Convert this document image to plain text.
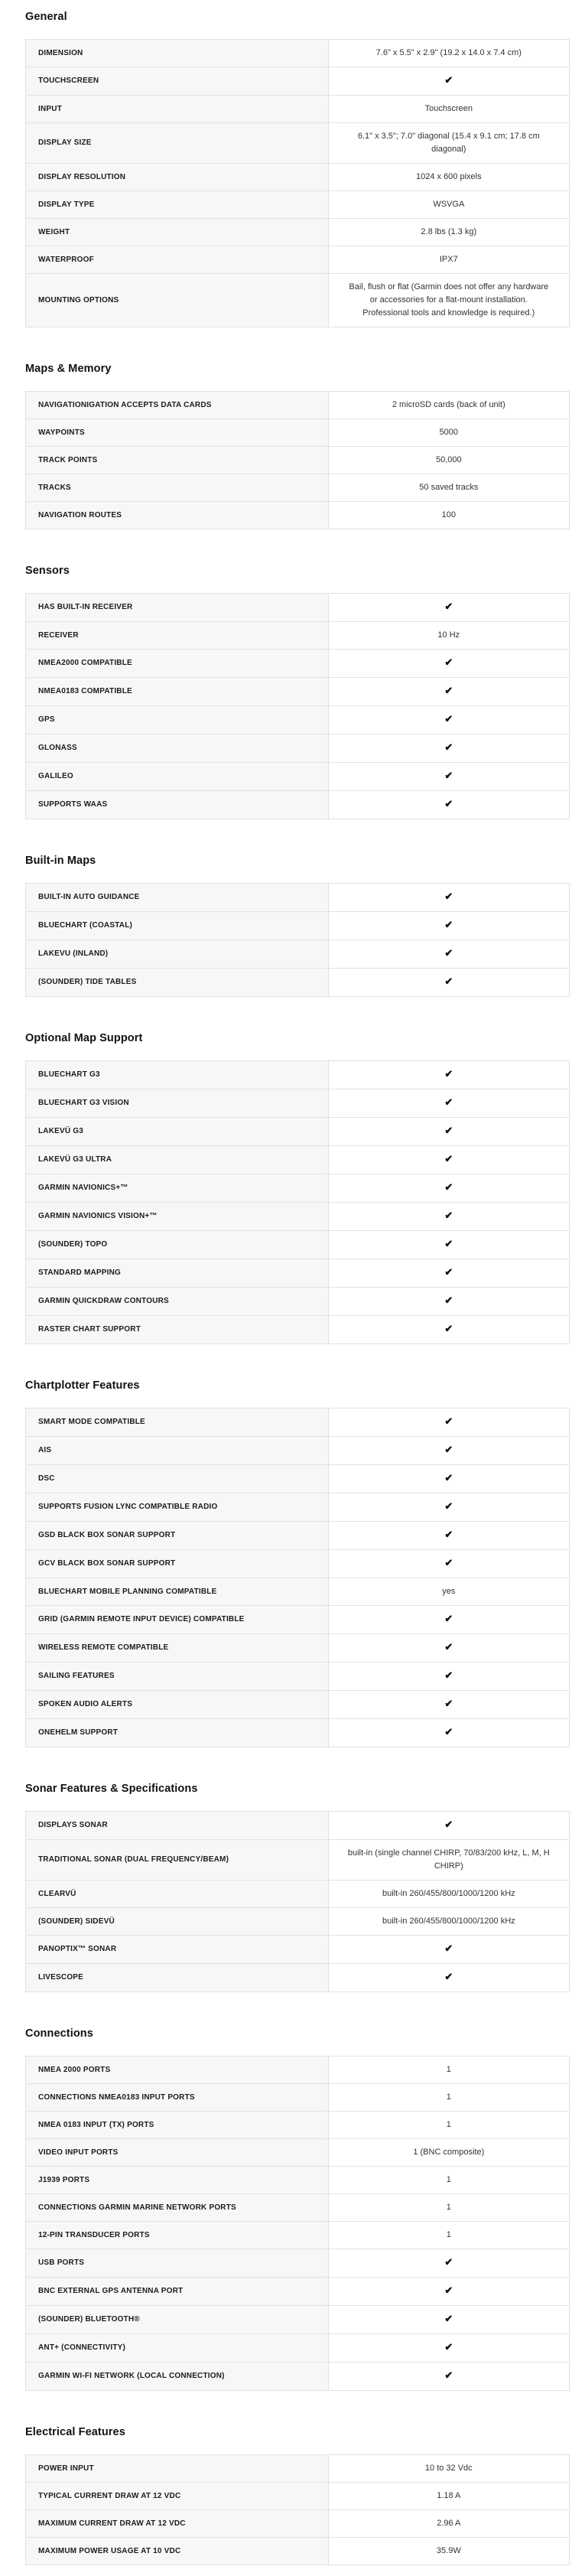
General
DIMENSION	7.6" x 5.5" x 2.9" (19.2 x 14.0 x 7.4 cm)
TOUCHSCREEN	✔
INPUT	Touchscreen
DISPLAY SIZE	6.1" x 3.5"; 7.0" diagonal (15.4 x 9.1 cm; 17.8 cm diagonal)
DISPLAY RESOLUTION	1024 x 600 pixels
DISPLAY TYPE	WSVGA
WEIGHT	2.8 lbs (1.3 kg)
WATERPROOF	IPX7
MOUNTING OPTIONS	Bail, flush or flat (Garmin does not offer any hardware or accessories for a flat-mount installation. Professional tools and knowledge is required.)
Maps & Memory
NAVIGATIONIGATION ACCEPTS DATA CARDS	2 microSD cards (back of unit)
WAYPOINTS	5000
TRACK POINTS	50,000
TRACKS	50 saved tracks
NAVIGATION ROUTES	100
Sensors
HAS BUILT-IN RECEIVER	✔
RECEIVER	10 Hz
NMEA2000 COMPATIBLE	✔
NMEA0183 COMPATIBLE	✔
GPS	✔
GLONASS	✔
GALILEO	✔
SUPPORTS WAAS	✔
Built-in Maps
BUILT-IN AUTO GUIDANCE	✔
BLUECHART (COASTAL)	✔
LAKEVU (INLAND)	✔
(SOUNDER) TIDE TABLES	✔
Optional Map Support
BLUECHART G3	✔
BLUECHART G3 VISION	✔
LAKEVÜ G3	✔
LAKEVÜ G3 ULTRA	✔
GARMIN NAVIONICS+™	✔
GARMIN NAVIONICS VISION+™	✔
(SOUNDER) TOPO	✔
STANDARD MAPPING	✔
GARMIN QUICKDRAW CONTOURS	✔
RASTER CHART SUPPORT	✔
Chartplotter Features
SMART MODE COMPATIBLE	✔
AIS	✔
DSC	✔
SUPPORTS FUSION LYNC COMPATIBLE RADIO	✔
GSD BLACK BOX SONAR SUPPORT	✔
GCV BLACK BOX SONAR SUPPORT	✔
BLUECHART MOBILE PLANNING COMPATIBLE	yes
GRID (GARMIN REMOTE INPUT DEVICE) COMPATIBLE	✔
WIRELESS REMOTE COMPATIBLE	✔
SAILING FEATURES	✔
SPOKEN AUDIO ALERTS	✔
ONEHELM SUPPORT	✔
Sonar Features & Specifications
DISPLAYS SONAR	✔
TRADITIONAL SONAR (DUAL FREQUENCY/BEAM)	built-in (single channel CHIRP, 70/83/200 kHz, L, M, H CHIRP)
CLEARVÜ	built-in 260/455/800/1000/1200 kHz
(SOUNDER) SIDEVÜ	built-in 260/455/800/1000/1200 kHz
PANOPTIX™ SONAR	✔
LIVESCOPE	✔
Connections
NMEA 2000 PORTS	1
CONNECTIONS NMEA0183 INPUT PORTS	1
NMEA 0183 INPUT (TX) PORTS	1
VIDEO INPUT PORTS	1 (BNC composite)
J1939 PORTS	1
CONNECTIONS GARMIN MARINE NETWORK PORTS	1
12-PIN TRANSDUCER PORTS	1
USB PORTS	✔
BNC EXTERNAL GPS ANTENNA PORT	✔
(SOUNDER) BLUETOOTH®	✔
ANT+ (CONNECTIVITY)	✔
GARMIN WI-FI NETWORK (LOCAL CONNECTION)	✔
Electrical Features
POWER INPUT	10 to 32 Vdc
TYPICAL CURRENT DRAW AT 12 VDC	1.18 A
MAXIMUM CURRENT DRAW AT 12 VDC	2.96 A
MAXIMUM POWER USAGE AT 10 VDC	35.9W
